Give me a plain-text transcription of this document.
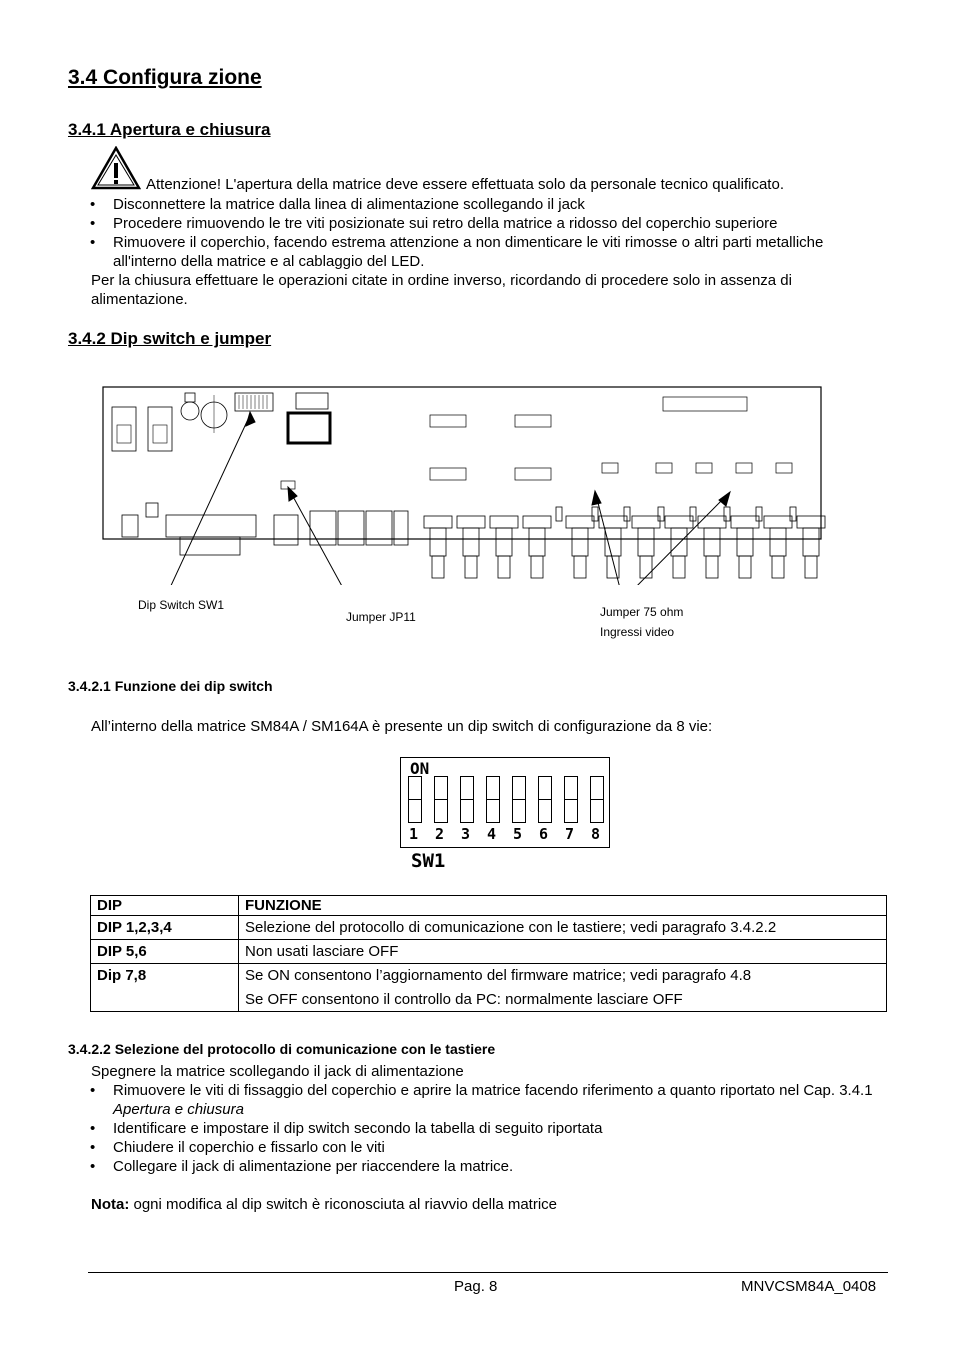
3.4 Configura zione
3.4.1 Apertura e chiusura
Attenzione! L'apertura della matrice deve essere effettuata solo da personale tecnico qualificato.
• Disconnettere la matrice dalla linea di alimentazione scollegando il jack
• Procedere rimuovendo le tre viti posizionate sui retro della matrice a ridosso del coperchio superiore
• Rimuovere il coperchio, facendo estrema attenzione a non dimenticare le viti rimosse o altri parti metalliche all'interno della matrice e al cablaggio del LED.
Per la chiusura effettuare le operazioni citate in ordine inverso, ricordando di procedere solo in assenza di alimentazione.
3.4.2 Dip switch e jumper
Dip Switch SW1
Jumper JP11	Jumper 75 ohm
Ingressi video
3.4.2.1 Funzione dei dip switch
All’interno della matrice SM84A / SM164A è presente un dip switch di configurazione da 8 vie:
ON
1 2 3 4 5 6 7 8
SW1
DIP	FUNZIONE
DIP 1,2,3,4	Selezione del protocollo di comunicazione con le tastiere; vedi paragrafo 3.4.2.2
DIP 5,6	Non usati lasciare OFF
Dip 7,8	Se ON consentono l’aggiornamento del firmware matrice; vedi paragrafo 4.8
Se OFF consentono il controllo da PC: normalmente lasciare OFF
3.4.2.2 Selezione del protocollo di comunicazione con le tastiere
Spegnere la matrice scollegando il jack di alimentazione
• Rimuovere le viti di fissaggio del coperchio e aprire la matrice facendo riferimento a quanto riportato nel Cap. 3.4.1 Apertura e chiusura
• Identificare e impostare il dip switch secondo la tabella di seguito riportata
• Chiudere il coperchio e fissarlo con le viti
• Collegare il jack di alimentazione per riaccendere la matrice.
Nota: ogni modifica al dip switch è riconosciuta al riavvio della matrice
Pag. 8	MNVCSM84A_0408
